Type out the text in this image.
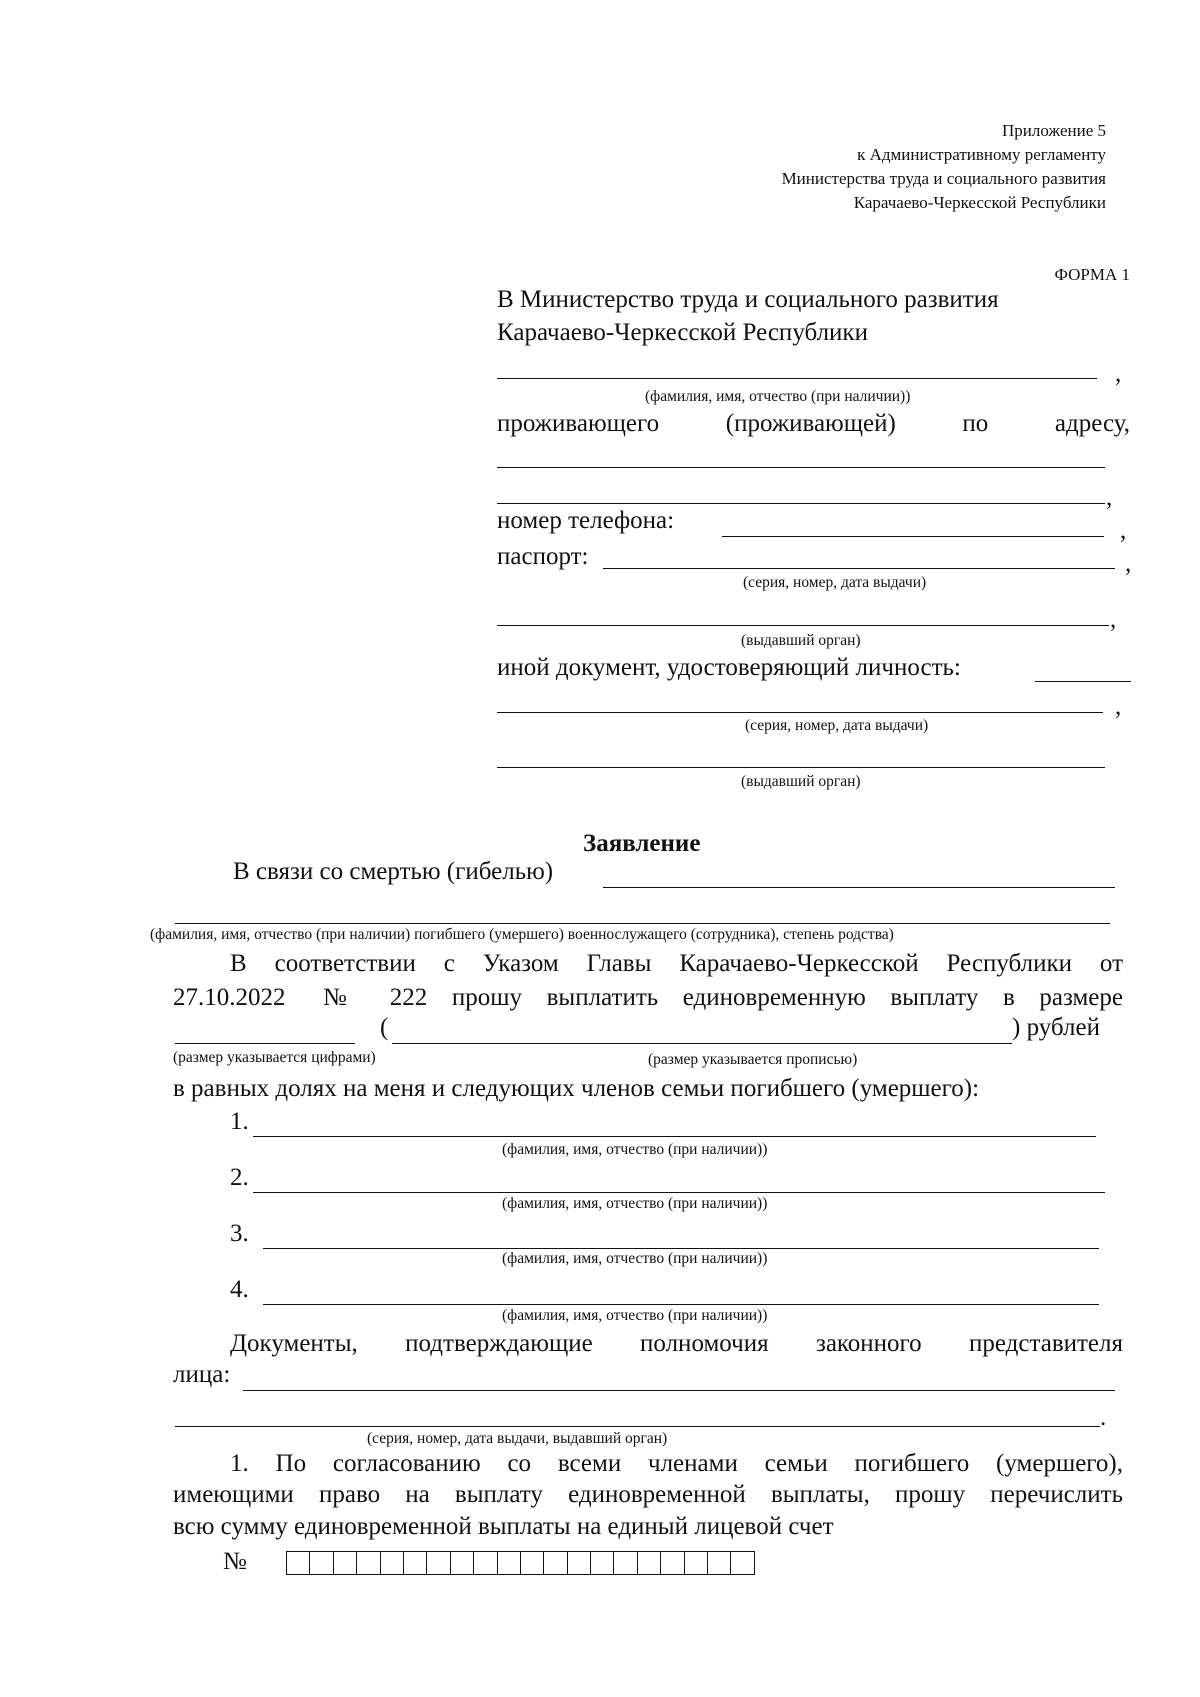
Приложение 5
к Административному регламенту
Министерства труда и социального развития
Карачаево-Черкесской Республики
ФОРМА 1
В Министерство труда и социального развития
Карачаево-Черкесской Республики
,
(фамилия, имя, отчество (при наличии))
проживающего	(проживающей)	по	адресу,
,
номер телефона:	,
паспорт:	,
(серия, номер, дата выдачи)
,
(выдавший орган)
иной документ, удостоверяющий личность:
,
(серия, номер, дата выдачи)
(выдавший орган)
Заявление
В связи со смертью (гибелью)
(фамилия, имя, отчество (при наличии) погибшего (умершего) военнослужащего (сотрудника), степень родства)
В соответствии с Указом Главы Карачаево-Черкесской Республики от
27.10.2022 № 222 прошу выплатить единовременную выплату в размере
(	) рублей
(размер указывается цифрами)	(размер указывается прописью)
в равных долях на меня и следующих членов семьи погибшего (умершего):
1.
(фамилия, имя, отчество (при наличии))
2.
(фамилия, имя, отчество (при наличии))
3.
(фамилия, имя, отчество (при наличии))
4.
(фамилия, имя, отчество (при наличии))
Документы, подтверждающие полномочия законного представителя
лица:
.
(серия, номер, дата выдачи, выдавший орган)
1. По согласованию со всеми членами семьи погибшего (умершего),
имеющими право на выплату единовременной выплаты, прошу перечислить
всю сумму единовременной выплаты на единый лицевой счет
№
